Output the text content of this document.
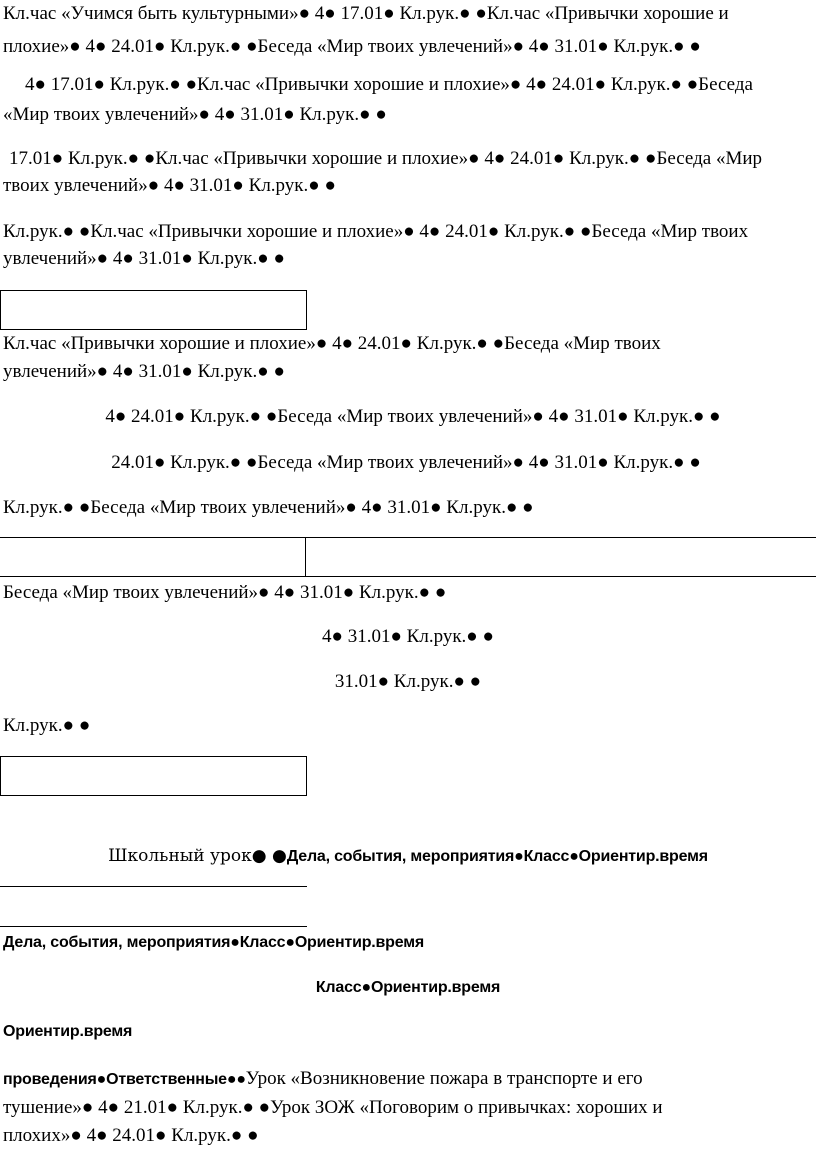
Кл.час «Учимся быть культурными»● 4● 17.01● Кл.рук.● ●Кл.час «Привычки хорошие и

плохие»● 4● 24.01● Кл.рук.● ●Беседа «Мир твоих увлечений»● 4● 31.01● Кл.рук.● ●

4● 17.01● Кл.рук.● ●Кл.час «Привычки хорошие и плохие»● 4● 24.01● Кл.рук.● ●Беседа

«Мир твоих увлечений»● 4● 31.01● Кл.рук.● ●

17.01● Кл.рук.● ●Кл.час «Привычки хорошие и плохие»● 4● 24.01● Кл.рук.● ●Беседа «Мир

твоих увлечений»● 4● 31.01● Кл.рук.● ●

Кл.рук.● ●Кл.час «Привычки хорошие и плохие»● 4● 24.01● Кл.рук.● ●Беседа «Мир твоих

увлечений»● 4● 31.01● Кл.рук.● ●

Кл.час «Привычки хорошие и плохие»● 4● 24.01● Кл.рук.● ●Беседа «Мир твоих

увлечений»● 4● 31.01● Кл.рук.● ●

4● 24.01● Кл.рук.● ●Беседа «Мир твоих увлечений»● 4● 31.01● Кл.рук.● ●

24.01● Кл.рук.● ●Беседа «Мир твоих увлечений»● 4● 31.01● Кл.рук.● ●

Кл.рук.● ●Беседа «Мир твоих увлечений»● 4● 31.01● Кл.рук.● ●

Беседа «Мир твоих увлечений»● 4● 31.01● Кл.рук.● ●

4● 31.01● Кл.рук.● ●

31.01● Кл.рук.● ●

Кл.рук.● ●

Школьный урок● ●Дела, события, мероприятия●Класс●Ориентир.время

Дела, события, мероприятия●Класс●Ориентир.время

Класс●Ориентир.время

Ориентир.время

проведения●Ответственные●●Урок «Возникновение пожара в транспорте и его

тушение»● 4● 21.01● Кл.рук.● ●Урок ЗОЖ «Поговорим о привычках: хороших и

плохих»● 4● 24.01● Кл.рук.● ●
